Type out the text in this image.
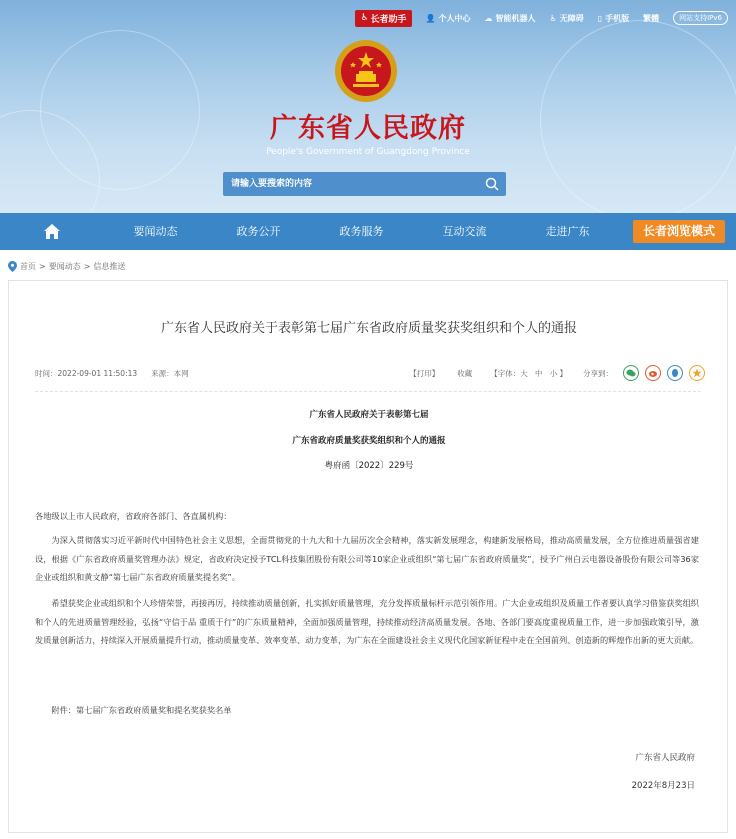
♿ 长者助手 👤 个人中心 ☁ 智能机器人 ♿ 无障碍 ▯ 手机版 繁體	网站支持IPv6
广东省人民政府
People's Government of Guangdong Province
请输入要搜索的内容
要闻动态	政务公开	政务服务	互动交流	走进广东	长者浏览模式
首页 > 要闻动态 > 信息推送
广东省人民政府关于表彰第七届广东省政府质量奖获奖组织和个人的通报
时间：2022-09-01 11:50:13 来源：本网	【打印】 收藏 【字体：大 中 小 】 分享到：
广东省人民政府关于表彰第七届
广东省政府质量奖获奖组织和个人的通报
粤府函〔2022〕229号
各地级以上市人民政府，省政府各部门、各直属机构：
为深入贯彻落实习近平新时代中国特色社会主义思想，全面贯彻党的十九大和十九届历次全会精神，落实新发展理念，构建新发展格局，推动高质量发展，全方位推进质量强省建设，根据《广东省政府质量奖管理办法》规定，省政府决定授予TCL科技集团股份有限公司等10家企业或组织“第七届广东省政府质量奖”，授予广州白云电器设备股份有限公司等36家企业或组织和黄文静“第七届广东省政府质量奖提名奖”。
希望获奖企业或组织和个人珍惜荣誉，再接再厉，持续推动质量创新，扎实抓好质量管理，充分发挥质量标杆示范引领作用。广大企业或组织及质量工作者要认真学习借鉴获奖组织和个人的先进质量管理经验，弘扬“守信于品 重质于行”的广东质量精神，全面加强质量管理，持续推动经济高质量发展。各地、各部门要高度重视质量工作，进一步加强政策引导，激发质量创新活力，持续深入开展质量提升行动，推动质量变革、效率变革、动力变革，为广东在全面建设社会主义现代化国家新征程中走在全国前列、创造新的辉煌作出新的更大贡献。
附件：第七届广东省政府质量奖和提名奖获奖名单
广东省人民政府
2022年8月23日
